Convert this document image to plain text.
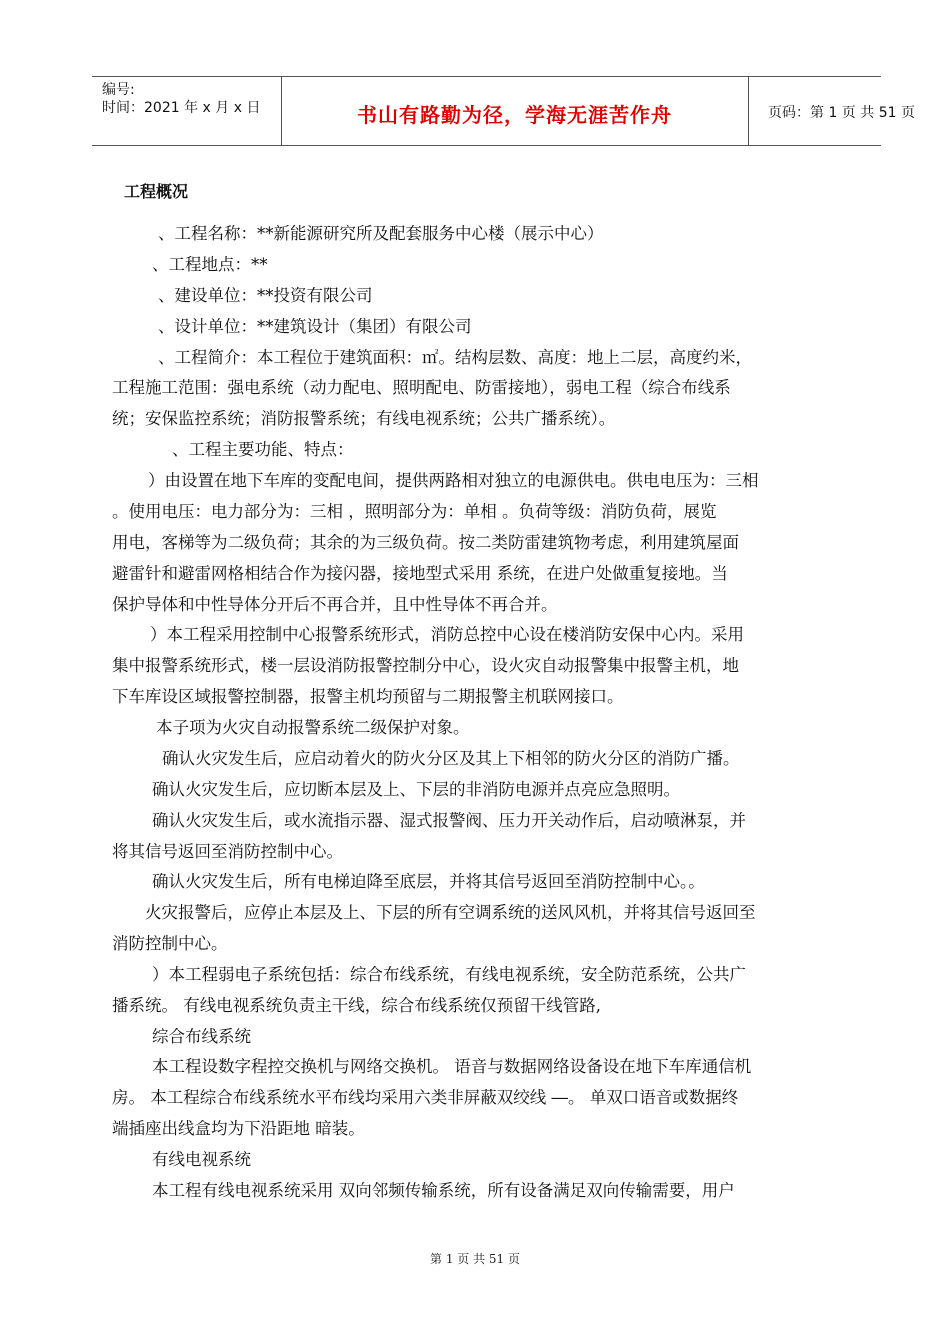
编号:
时间：2021 年 x 月 x 日	书山有路勤为径，学海无涯苦作舟	页码：第 1 页 共 51 页
工程概况
、工程名称：**新能源研究所及配套服务中心楼（展示中心）
、工程地点：**
、建设单位：**投资有限公司
、设计单位：**建筑设计（集团）有限公司
、工程简介：本工程位于建筑面积：㎡。结构层数、高度：地上二层，高度约米，
工程施工范围：强电系统（动力配电、照明配电、防雷接地），弱电工程（综合布线系
统；安保监控系统；消防报警系统；有线电视系统；公共广播系统）。
、工程主要功能、特点：
）由设置在地下车库的变配电间，提供两路相对独立的电源供电。供电电压为：三相
。使用电压：电力部分为：三相 ，照明部分为：单相 。负荷等级：消防负荷，展览
用电，客梯等为二级负荷；其余的为三级负荷。按二类防雷建筑物考虑，利用建筑屋面
避雷针和避雷网格相结合作为接闪器，接地型式采用 系统，在进户处做重复接地。当
保护导体和中性导体分开后不再合并，且中性导体不再合并。
）本工程采用控制中心报警系统形式，消防总控中心设在楼消防安保中心内。采用
集中报警系统形式，楼一层设消防报警控制分中心，设火灾自动报警集中报警主机，地
下车库设区域报警控制器，报警主机均预留与二期报警主机联网接口。
本子项为火灾自动报警系统二级保护对象。
确认火灾发生后，应启动着火的防火分区及其上下相邻的防火分区的消防广播。
确认火灾发生后，应切断本层及上、下层的非消防电源并点亮应急照明。
确认火灾发生后，或水流指示器、湿式报警阀、压力开关动作后，启动喷淋泵，并
将其信号返回至消防控制中心。
确认火灾发生后，所有电梯迫降至底层，并将其信号返回至消防控制中心。。
火灾报警后，应停止本层及上、下层的所有空调系统的送风风机，并将其信号返回至
消防控制中心。
）本工程弱电子系统包括：综合布线系统，有线电视系统，安全防范系统，公共广
播系统。 有线电视系统负责主干线，综合布线系统仅预留干线管路,
综合布线系统
本工程设数字程控交换机与网络交换机。 语音与数据网络设备设在地下车库通信机
房。 本工程综合布线系统水平布线均采用六类非屏蔽双绞线 ―。 单双口语音或数据终
端插座出线盒均为下沿距地 暗装。
有线电视系统
本工程有线电视系统采用 双向邻频传输系统，所有设备满足双向传输需要，用户
第 1 页 共 51 页
